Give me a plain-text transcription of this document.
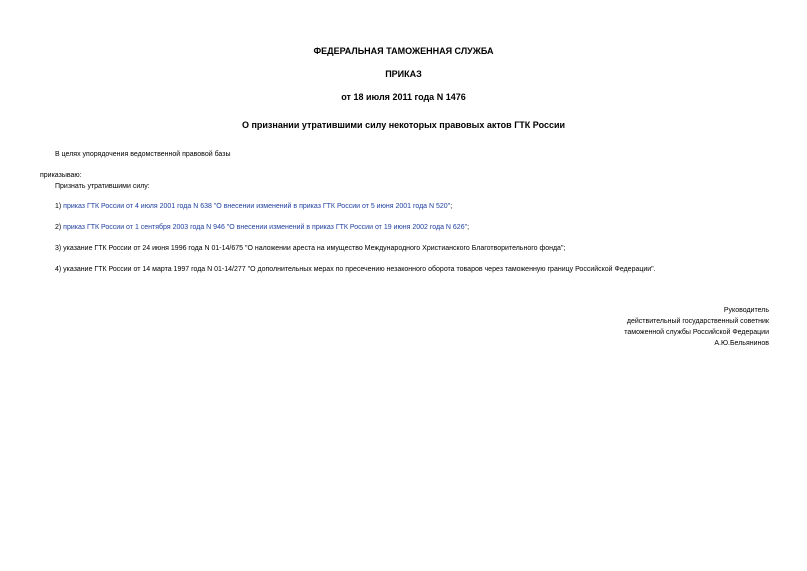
ФЕДЕРАЛЬНАЯ ТАМОЖЕННАЯ СЛУЖБА
ПРИКАЗ
от 18 июля 2011 года N 1476
О признании утратившими силу некоторых правовых актов ГТК России
В целях упорядочения ведомственной правовой базы
приказываю:
Признать утратившими силу:
1) приказ ГТК России от 4 июля 2001 года N 638 "О внесении изменений в приказ ГТК России от 5 июня 2001 года N 520";
2) приказ ГТК России от 1 сентября 2003 года N 946 "О внесении изменений в приказ ГТК России от 19 июня 2002 года N 626";
3) указание ГТК России от 24 июня 1996 года N 01-14/675 "О наложении ареста на имущество Международного Христианского Благотворительного фонда";
4) указание ГТК России от 14 марта 1997 года N 01-14/277 "О дополнительных мерах по пресечению незаконного оборота товаров через таможенную границу Российской Федерации".
Руководитель
действительный государственный советник
таможенной службы Российской Федерации
А.Ю.Бельянинов
